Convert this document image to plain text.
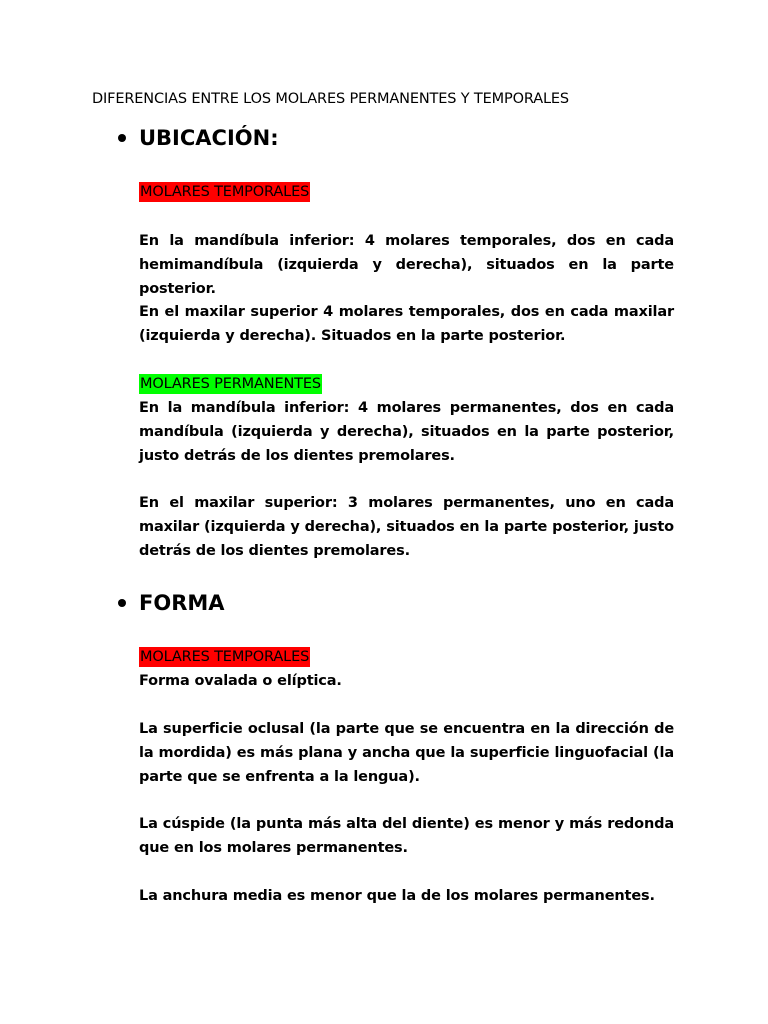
DIFERENCIAS ENTRE LOS MOLARES PERMANENTES Y TEMPORALES
UBICACIÓN:
MOLARES TEMPORALES
En la mandíbula inferior: 4 molares temporales, dos en cada hemimandíbula (izquierda y derecha), situados en la parte posterior.
En el maxilar superior 4 molares temporales, dos en cada maxilar (izquierda y derecha). Situados en la parte posterior.
MOLARES PERMANENTES
En la mandíbula inferior: 4 molares permanentes, dos en cada mandíbula (izquierda y derecha), situados en la parte posterior, justo detrás de los dientes premolares.
En el maxilar superior: 3 molares permanentes, uno en cada maxilar (izquierda y derecha), situados en la parte posterior, justo detrás de los dientes premolares.
FORMA
MOLARES TEMPORALES
Forma ovalada o elíptica.
La superficie oclusal (la parte que se encuentra en la dirección de la mordida) es más plana y ancha que la superficie linguofacial (la parte que se enfrenta a la lengua).
La cúspide (la punta más alta del diente) es menor y más redonda que en los molares permanentes.
La anchura media es menor que la de los molares permanentes.
